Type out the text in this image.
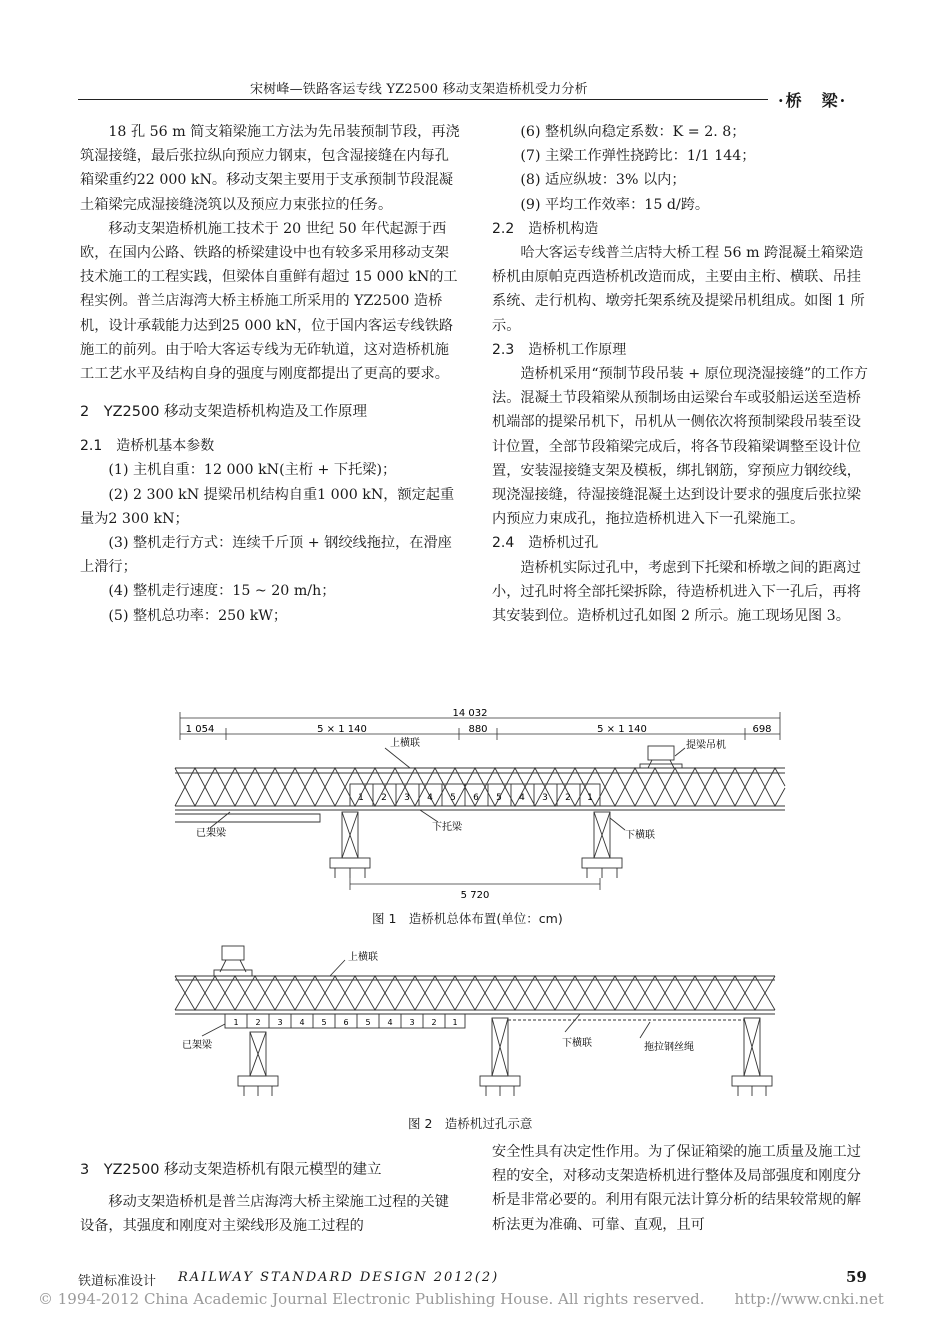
宋树峰—铁路客运专线 YZ2500 移动支架造桥机受力分析
·桥　梁·

18 孔 56 m 简支箱梁施工方法为先吊装预制节段，再浇筑湿接缝，最后张拉纵向预应力钢束，包含湿接缝在内每孔箱梁重约22 000 kN。移动支架主要用于支承预制节段混凝土箱梁完成湿接缝浇筑以及预应力束张拉的任务。

移动支架造桥机施工技术于 20 世纪 50 年代起源于西欧，在国内公路、铁路的桥梁建设中也有较多采用移动支架技术施工的工程实践，但梁体自重鲜有超过 15 000 kN的工程实例。普兰店海湾大桥主桥施工所采用的 YZ2500 造桥机，设计承载能力达到25 000 kN，位于国内客运专线铁路施工的前列。由于哈大客运专线为无砟轨道，这对造桥机施工工艺水平及结构自身的强度与刚度都提出了更高的要求。

2　YZ2500 移动支架造桥机构造及工作原理

2.1　造桥机基本参数

(1) 主机自重：12 000 kN(主桁 + 下托梁)；

(2) 2 300 kN 提梁吊机结构自重1 000 kN，额定起重量为2 300 kN；

(3) 整机走行方式：连续千斤顶 + 钢绞线拖拉，在滑座上滑行；

(4) 整机走行速度：15 ~ 20 m/h；

(5) 整机总功率：250 kW；

(6) 整机纵向稳定系数：K = 2. 8；

(7) 主梁工作弹性挠跨比：1/1 144；

(8) 适应纵坡：3% 以内；

(9) 平均工作效率：15 d/跨。

2.2　造桥机构造

哈大客运专线普兰店特大桥工程 56 m 跨混凝土箱梁造桥机由原帕克西造桥机改造而成，主要由主桁、横联、吊挂系统、走行机构、墩旁托架系统及提梁吊机组成。如图 1 所示。

2.3　造桥机工作原理

造桥机采用“预制节段吊装 + 原位现浇湿接缝”的工作方法。混凝土节段箱梁从预制场由运梁台车或驳船运送至造桥机端部的提梁吊机下，吊机从一侧依次将预制梁段吊装至设计位置，全部节段箱梁完成后，将各节段箱梁调整至设计位置，安装湿接缝支架及模板，绑扎钢筋，穿预应力钢绞线，现浇湿接缝，待湿接缝混凝土达到设计要求的强度后张拉梁内预应力束成孔，拖拉造桥机进入下一孔梁施工。

2.4　造桥机过孔

造桥机实际过孔中，考虑到下托梁和桥墩之间的距离过小，过孔时将全部托梁拆除，待造桥机进入下一孔后，再将其安装到位。造桥机过孔如图 2 所示。施工现场见图 3。

14 032
1 054	5 × 1 140	880	5 × 1 140	698
5 720
上横联	提梁吊机
已架梁
下托梁
下横联
1 2 3 4 5 6 5 4 3 2 1
图 1　造桥机总体布置(单位：cm)
上横联
已架梁	下横联	拖拉钢丝绳
1 2 3 4 5 6 5 4 3 2 1
图 2　造桥机过孔示意

3　YZ2500 移动支架造桥机有限元模型的建立

移动支架造桥机是普兰店海湾大桥主梁施工过程的关键设备，其强度和刚度对主梁线形及施工过程的

安全性具有决定性作用。为了保证箱梁的施工质量及施工过程的安全，对移动支架造桥机进行整体及局部强度和刚度分析是非常必要的。利用有限元法计算分析的结果较常规的解析法更为准确、可靠、直观，且可

铁道标准设计 RAILWAY STANDARD DESIGN 2012(2)	59
© 1994-2012 China Academic Journal Electronic Publishing House. All rights reserved.　　http://www.cnki.net
